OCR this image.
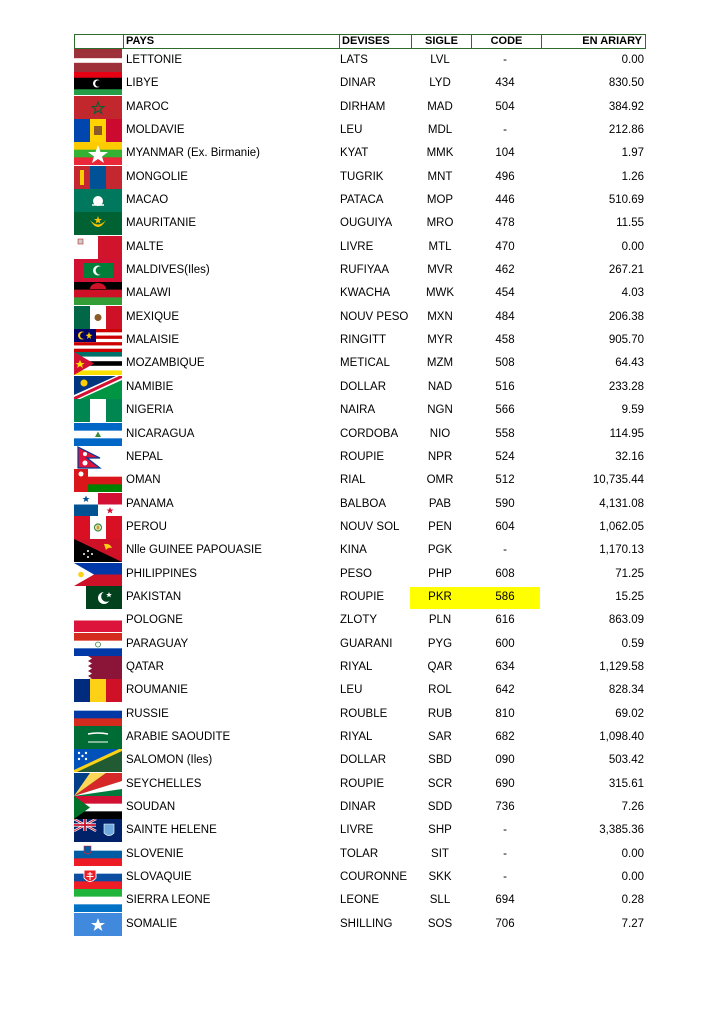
PAYS	DEVISES	SIGLE	CODE	EN ARIARY
LETTONIE	LATS	LVL	-	0.00
LIBYE	DINAR	LYD	434	830.50
MAROC	DIRHAM	MAD	504	384.92
MOLDAVIE	LEU	MDL	-	212.86
MYANMAR (Ex. Birmanie)	KYAT	MMK	104	1.97
MONGOLIE	TUGRIK	MNT	496	1.26
MACAO	PATACA	MOP	446	510.69
MAURITANIE	OUGUIYA	MRO	478	11.55
MALTE	LIVRE	MTL	470	0.00
MALDIVES(Iles)	RUFIYAA	MVR	462	267.21
MALAWI	KWACHA	MWK	454	4.03
MEXIQUE	NOUV PESO	MXN	484	206.38
MALAISIE	RINGITT	MYR	458	905.70
MOZAMBIQUE	METICAL	MZM	508	64.43
NAMIBIE	DOLLAR	NAD	516	233.28
NIGERIA	NAIRA	NGN	566	9.59
NICARAGUA	CORDOBA	NIO	558	114.95
NEPAL	ROUPIE	NPR	524	32.16
OMAN	RIAL	OMR	512	10,735.44
PANAMA	BALBOA	PAB	590	4,131.08
PEROU	NOUV SOL	PEN	604	1,062.05
Nlle GUINEE PAPOUASIE	KINA	PGK	-	1,170.13
PHILIPPINES	PESO	PHP	608	71.25
PAKISTAN	ROUPIE	PKR	586	15.25
POLOGNE	ZLOTY	PLN	616	863.09
PARAGUAY	GUARANI	PYG	600	0.59
QATAR	RIYAL	QAR	634	1,129.58
ROUMANIE	LEU	ROL	642	828.34
RUSSIE	ROUBLE	RUB	810	69.02
ARABIE SAOUDITE	RIYAL	SAR	682	1,098.40
SALOMON (Iles)	DOLLAR	SBD	090	503.42
SEYCHELLES	ROUPIE	SCR	690	315.61
SOUDAN	DINAR	SDD	736	7.26
SAINTE HELENE	LIVRE	SHP	-	3,385.36
SLOVENIE	TOLAR	SIT	-	0.00
SLOVAQUIE	COURONNE	SKK	-	0.00
SIERRA LEONE	LEONE	SLL	694	0.28
SOMALIE	SHILLING	SOS	706	7.27
